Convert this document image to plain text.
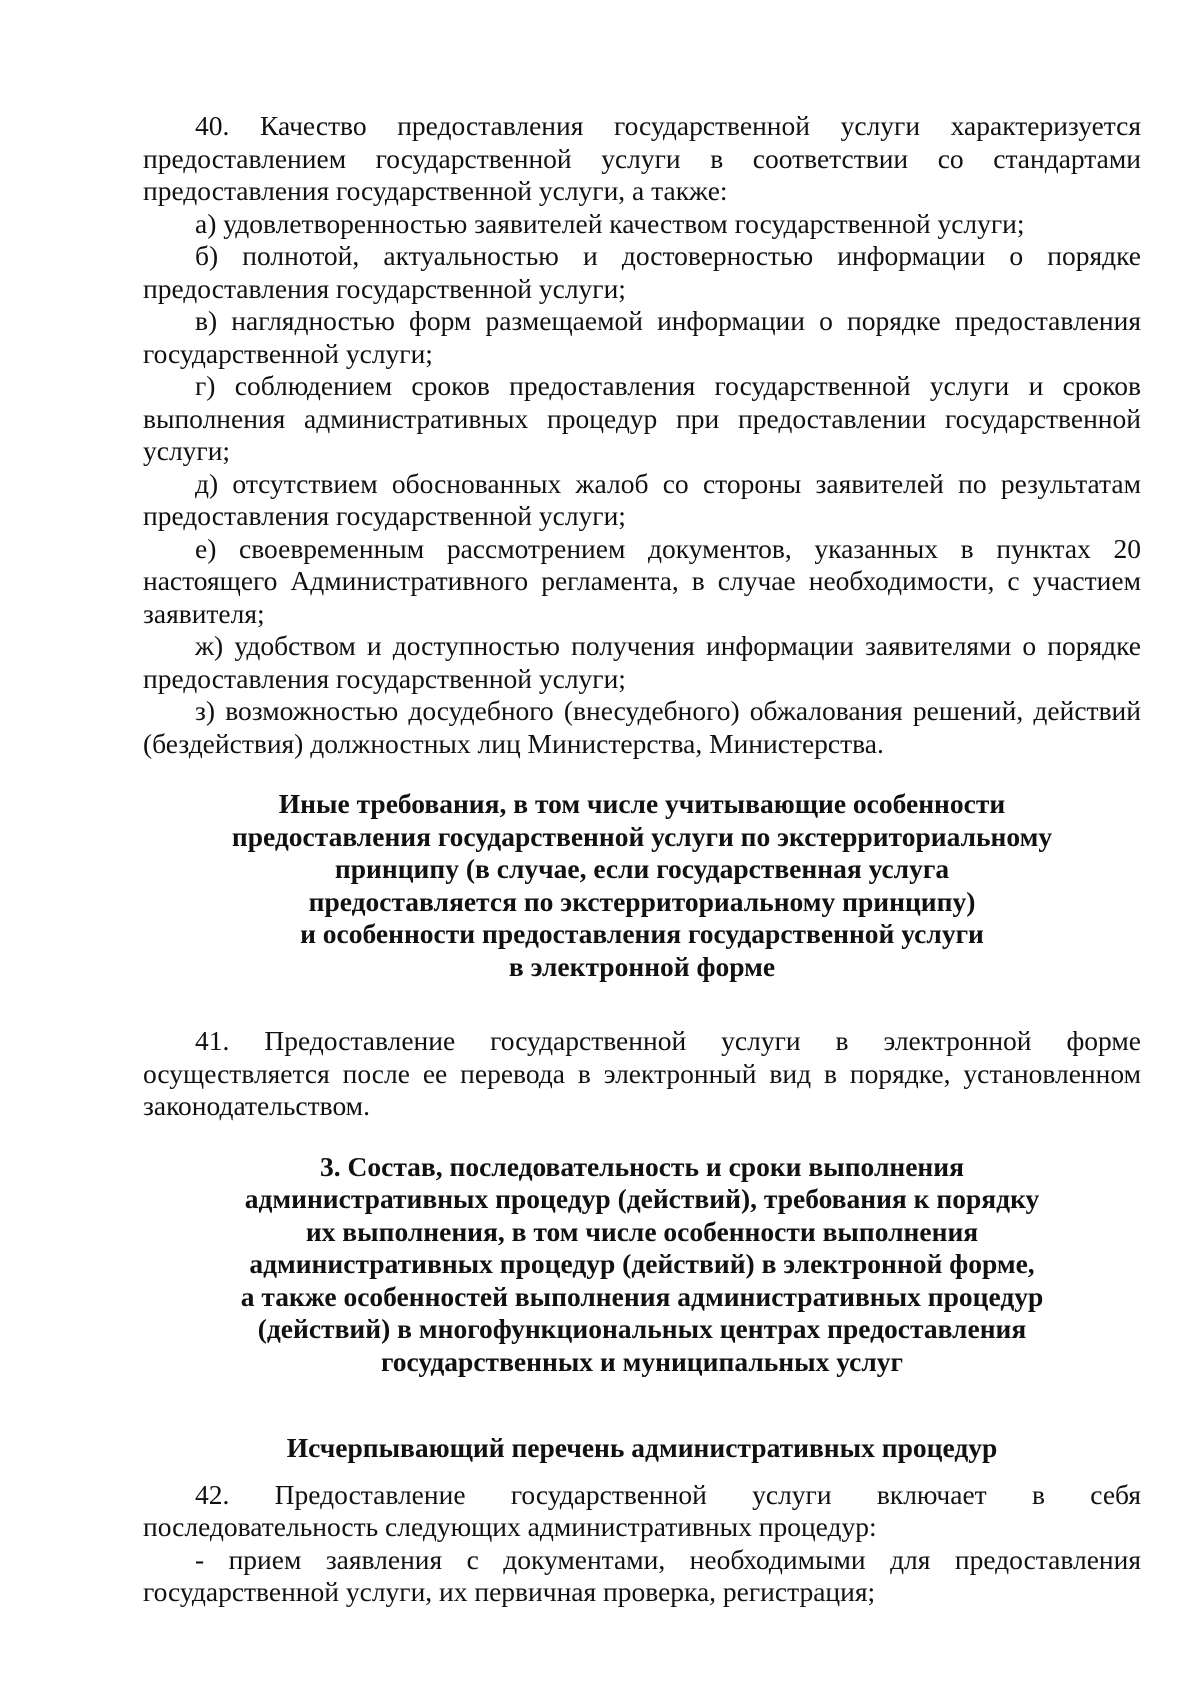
40. Качество предоставления государственной услуги характеризуется предоставлением государственной услуги в соответствии со стандартами предоставления государственной услуги, а также:

а) удовлетворенностью заявителей качеством государственной услуги;

б) полнотой, актуальностью и достоверностью информации о порядке предоставления государственной услуги;

в) наглядностью форм размещаемой информации о порядке предоставления государственной услуги;

г) соблюдением сроков предоставления государственной услуги и сроков выполнения административных процедур при предоставлении государственной услуги;

д) отсутствием обоснованных жалоб со стороны заявителей по результатам предоставления государственной услуги;

е) своевременным рассмотрением документов, указанных в пунктах 20 настоящего Административного регламента, в случае необходимости, с участием заявителя;

ж) удобством и доступностью получения информации заявителями о порядке предоставления государственной услуги;

з) возможностью досудебного (внесудебного) обжалования решений, действий (бездействия) должностных лиц Министерства, Министерства.

Иные требования, в том числе учитывающие особенности

предоставления государственной услуги по экстерриториальному

принципу (в случае, если государственная услуга

предоставляется по экстерриториальному принципу)

и особенности предоставления государственной услуги

в электронной форме

41. Предоставление государственной услуги в электронной форме осуществляется после ее перевода в электронный вид в порядке, установленном законодательством.

3. Состав, последовательность и сроки выполнения

административных процедур (действий), требования к порядку

их выполнения, в том числе особенности выполнения

административных процедур (действий) в электронной форме,

а также особенностей выполнения административных процедур

(действий) в многофункциональных центрах предоставления

государственных и муниципальных услуг

Исчерпывающий перечень административных процедур

42. Предоставление государственной услуги включает в себя последовательность следующих административных процедур:

- прием заявления с документами, необходимыми для предоставления государственной услуги, их первичная проверка, регистрация;
